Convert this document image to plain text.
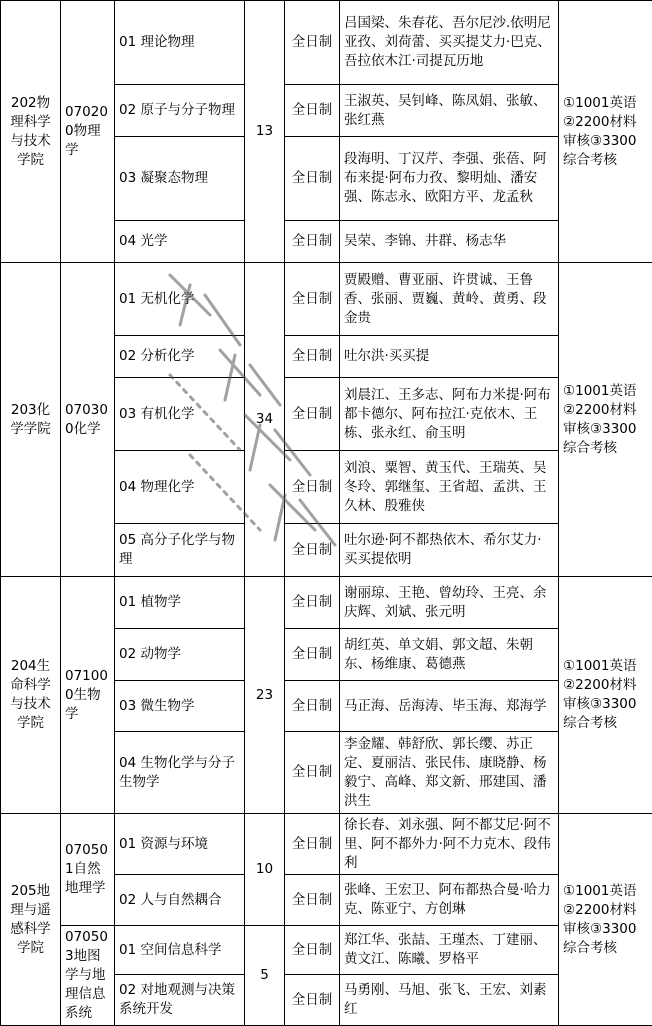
202物理科学与技术学院	070200物理学	01 理论物理	13	全日制	吕国梁、朱春花、吾尔尼沙.依明尼亚孜、刘荷蕾、买买提艾力·巴克、吾拉依木江·司提瓦历地	①1001英语②2200材料审核③3300综合考核
		02 原子与分子物理		全日制	王淑英、吴钊峰、陈凤娟、张敏、张红燕	
		03 凝聚态物理		全日制	段海明、丁汉芹、李强、张蓓、阿布来提·阿布力孜、黎明灿、潘安强、陈志永、欧阳方平、龙孟秋	
		04 光学		全日制	吴荣、李锦、井群、杨志华	
203化学学院	070300化学	01 无机化学	34	全日制	贾殿赠、曹亚丽、许贯诚、王鲁香、张丽、贾巍、黄岭、黄勇、段金贵	①1001英语②2200材料审核③3300综合考核
		02 分析化学		全日制	吐尔洪·买买提	
		03 有机化学		全日制	刘晨江、王多志、阿布力米提·阿布都卡德尔、阿布拉江·克依木、王栋、张永红、俞玉明	
		04 物理化学		全日制	刘浪、粟智、黄玉代、王瑞英、吴冬玲、郭继玺、王省超、孟洪、王久林、殷雅侠	
		05 高分子化学与物理		全日制	吐尔逊·阿不都热依木、希尔艾力·买买提依明	
204生命科学与技术学院	071000生物学	01 植物学	23	全日制	谢丽琼、王艳、曾幼玲、王亮、余庆辉、刘斌、张元明	①1001英语②2200材料审核③3300综合考核
		02 动物学		全日制	胡红英、单文娟、郭文超、朱朝东、杨维康、葛德燕	
		03 微生物学		全日制	马正海、岳海涛、毕玉海、郑海学	
		04 生物化学与分子生物学		全日制	李金耀、韩舒欣、郭长缨、苏正定、夏丽洁、张民伟、康晓静、杨毅宁、高峰、郑文新、邢建国、潘洪生	
205地理与遥感科学学院	070501自然地理学	01 资源与环境	10	全日制	徐长春、刘永强、阿不都艾尼·阿不里、阿不都外力·阿不力克木、段伟利	①1001英语②2200材料审核③3300综合考核
		02 人与自然耦合		全日制	张峰、王宏卫、阿布都热合曼·哈力克、陈亚宁、方创琳	
	070503地图学与地理信息系统	01 空间信息科学	5	全日制	郑江华、张喆、王瑾杰、丁建丽、黄文江、陈曦、罗格平	
		02 对地观测与决策系统开发		全日制	马勇刚、马旭、张飞、王宏、刘素红	
